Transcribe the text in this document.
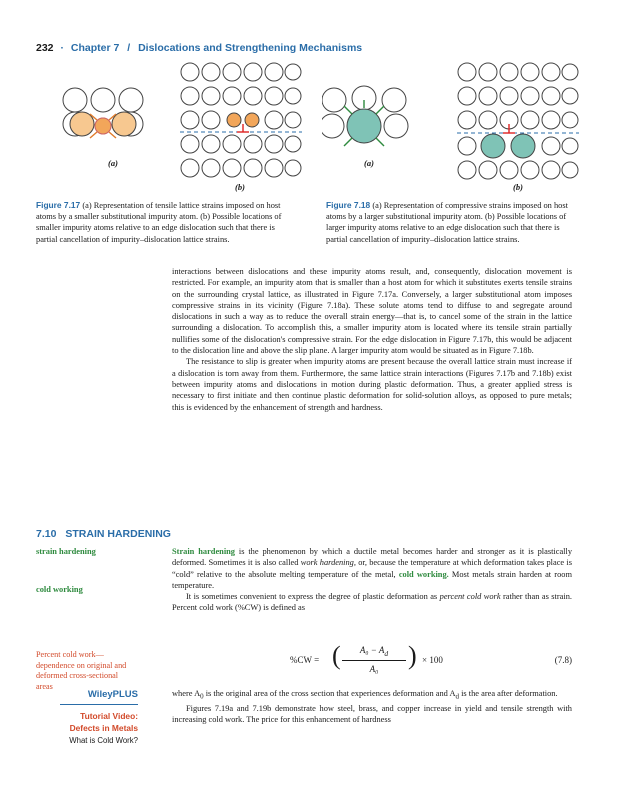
232 · Chapter 7 / Dislocations and Strengthening Mechanisms
(a)
(b)
(a)
(b)
Figure 7.17 (a) Representation of tensile lattice strains imposed on host atoms by a smaller substitutional impurity atom. (b) Possible locations of smaller impurity atoms relative to an edge dislocation such that there is partial cancellation of impurity–dislocation lattice strains.
Figure 7.18 (a) Representation of compressive strains imposed on host atoms by a larger substitutional impurity atom. (b) Possible locations of larger impurity atoms relative to an edge dislocation such that there is partial cancellation of impurity–dislocation lattice strains.

interactions between dislocations and these impurity atoms result, and, consequently, dislocation movement is restricted. For example, an impurity atom that is smaller than a host atom for which it substitutes exerts tensile strains on the surrounding crystal lattice, as illustrated in Figure 7.17a. Conversely, a larger substitutional atom imposes compressive strains in its vicinity (Figure 7.18a). These solute atoms tend to diffuse to and segregate around dislocations in such a way as to reduce the overall strain energy—that is, to cancel some of the strain in the lattice surrounding a dislocation. To accomplish this, a smaller impurity atom is located where its tensile strain partially nullifies some of the dislocation's compressive strain. For the edge dislocation in Figure 7.17b, this would be adjacent to the dislocation line and above the slip plane. A larger impurity atom would be situated as in Figure 7.18b.

The resistance to slip is greater when impurity atoms are present because the overall lattice strain must increase if a dislocation is torn away from them. Furthermore, the same lattice strain interactions (Figures 7.17b and 7.18b) exist between impurity atoms and dislocations in motion during plastic deformation. Thus, a greater applied stress is necessary to first initiate and then continue plastic deformation for solid-solution alloys, as opposed to pure metals; this is evidenced by the enhancement of strength and hardness.

7.10 STRAIN HARDENING
strain hardening
cold working

Strain hardening is the phenomenon by which a ductile metal becomes harder and stronger as it is plastically deformed. Sometimes it is also called work hardening, or, because the temperature at which deformation takes place is “cold” relative to the absolute melting temperature of the metal, cold working. Most metals strain harden at room temperature.

It is sometimes convenient to express the degree of plastic deformation as percent cold work rather than as strain. Percent cold work (%CW) is defined as

Percent cold work—dependence on original and deformed cross-sectional areas
%CW = (	$A_0 - A_d$
A₀	) × 100	(7.8)
WileyPLUS
Tutorial Video:
Defects in Metals
What is Cold Work?

where $A_0$ is the original area of the cross section that experiences deformation and $A_d$ is the area after deformation.

Figures 7.19a and 7.19b demonstrate how steel, brass, and copper increase in yield and tensile strength with increasing cold work. The price for this enhancement of hardness
